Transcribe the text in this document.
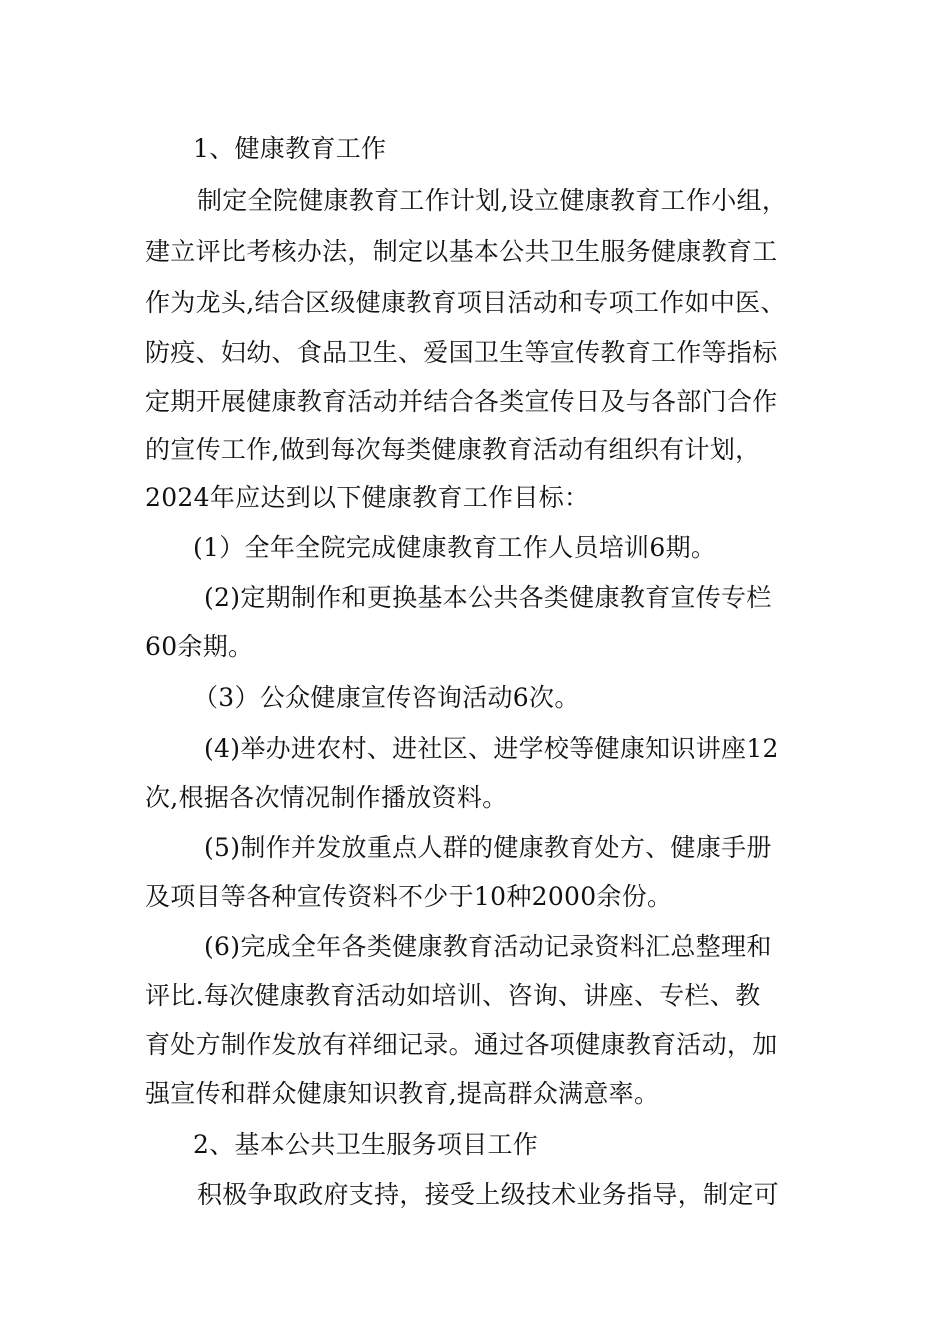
1、健康教育工作
制定全院健康教育工作计划,设立健康教育工作小组，
建立评比考核办法，制定以基本公共卫生服务健康教育工
作为龙头,结合区级健康教育项目活动和专项工作如中医、
防疫、妇幼、食品卫生、爱国卫生等宣传教育工作等指标
定期开展健康教育活动并结合各类宣传日及与各部门合作
的宣传工作,做到每次每类健康教育活动有组织有计划，
2024年应达到以下健康教育工作目标：
(1）全年全院完成健康教育工作人员培训6期。
(2)定期制作和更换基本公共各类健康教育宣传专栏
60余期。
（3）公众健康宣传咨询活动6次。
(4)举办进农村、进社区、进学校等健康知识讲座12
次,根据各次情况制作播放资料。
(5)制作并发放重点人群的健康教育处方、健康手册
及项目等各种宣传资料不少于10种2000余份。
(6)完成全年各类健康教育活动记录资料汇总整理和
评比.每次健康教育活动如培训、咨询、讲座、专栏、教
育处方制作发放有祥细记录。通过各项健康教育活动，加
强宣传和群众健康知识教育,提高群众满意率。
2、基本公共卫生服务项目工作
积极争取政府支持，接受上级技术业务指导，制定可
